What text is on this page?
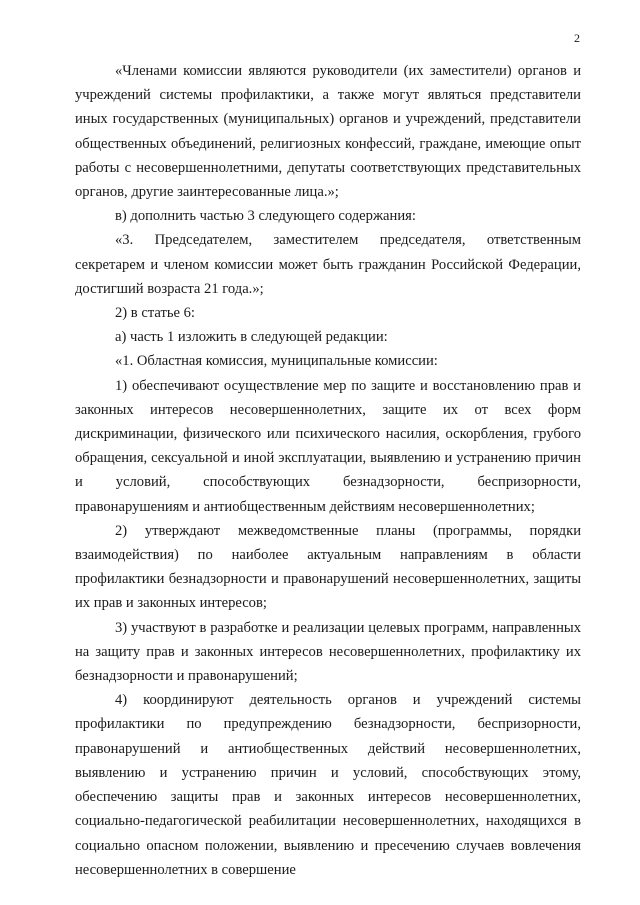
2

«Членами комиссии являются руководители (их заместители) органов и учреждений системы профилактики, а также могут являться представители иных государственных (муниципальных) органов и учреждений, представители общественных объединений, религиозных конфессий, граждане, имеющие опыт работы с несовершеннолетними, депутаты соответствующих представительных органов, другие заинтересованные лица.»;

в) дополнить частью 3 следующего содержания:

«3. Председателем, заместителем председателя, ответственным секретарем и членом комиссии может быть гражданин Российской Федерации, достигший возраста 21 года.»;

2) в статье 6:

а) часть 1 изложить в следующей редакции:

«1. Областная комиссия, муниципальные комиссии:

1) обеспечивают осуществление мер по защите и восстановлению прав и законных интересов несовершеннолетних, защите их от всех форм дискриминации, физического или психического насилия, оскорбления, грубого обращения, сексуальной и иной эксплуатации, выявлению и устранению причин и условий, способствующих безнадзорности, беспризорности, правонарушениям и антиобщественным действиям несовершеннолетних;

2) утверждают межведомственные планы (программы, порядки взаимодействия) по наиболее актуальным направлениям в области профилактики безнадзорности и правонарушений несовершеннолетних, защиты их прав и законных интересов;

3) участвуют в разработке и реализации целевых программ, направленных на защиту прав и законных интересов несовершеннолетних, профилактику их безнадзорности и правонарушений;

4) координируют деятельность органов и учреждений системы профилактики по предупреждению безнадзорности, беспризорности, правонарушений и антиобщественных действий несовершеннолетних, выявлению и устранению причин и условий, способствующих этому, обеспечению защиты прав и законных интересов несовершеннолетних, социально-педагогической реабилитации несовершеннолетних, находящихся в социально опасном положении, выявлению и пресечению случаев вовлечения несовершеннолетних в совершение
